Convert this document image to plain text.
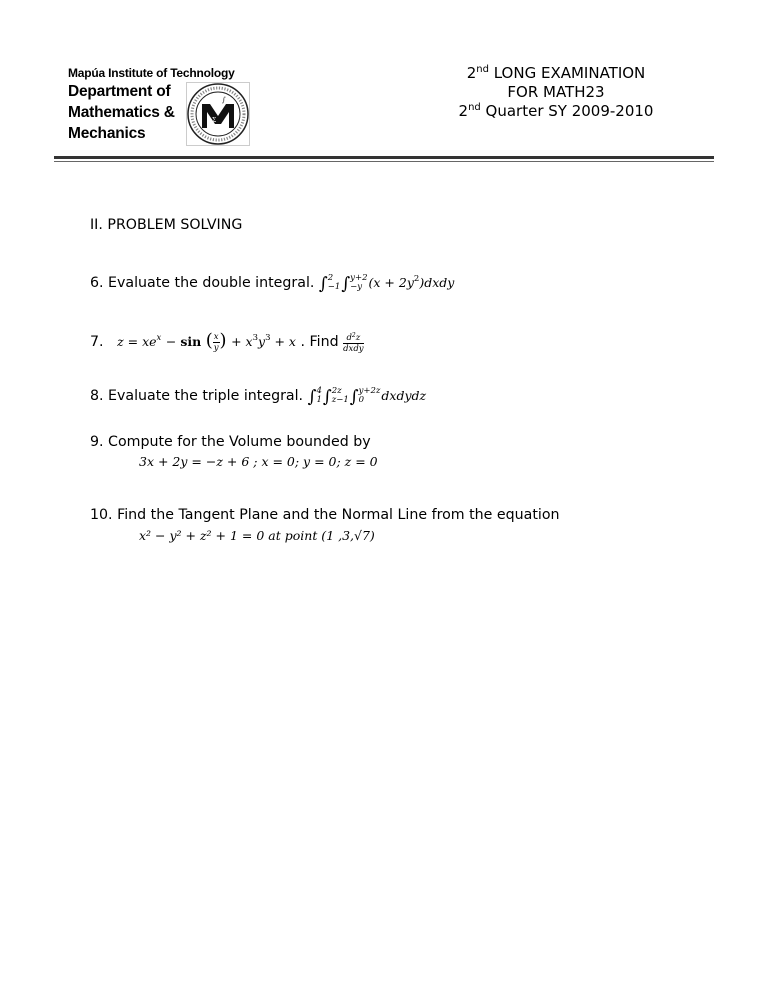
Mapúa Institute of Technology
Department of
Mathematics &
Mechanics
Σ
∫
2nd LONG EXAMINATION
FOR MATH23
2nd Quarter SY 2009-2010
II. PROBLEM SOLVING
6. Evaluate the double integral. ∫2
−1∫y+2
−y $(x + 2y^2)dxdy$
7. $z = xe^x - \sin$ ( $\frac{x}{y}$ ) + $x^3y^3 + x$ . Find $\frac{d^2z}{\text{dxdy}}$
8. Evaluate the triple integral. ∫4
1∫2z
z−1∫y+2z
0 dxdydz
9. Compute for the Volume bounded by
3x + 2y = −z + 6 ; x = 0; y = 0; z = 0
10. Find the Tangent Plane and the Normal Line from the equation
x² − y² + z² + 1 = 0 at point (1 ,3,√7)
